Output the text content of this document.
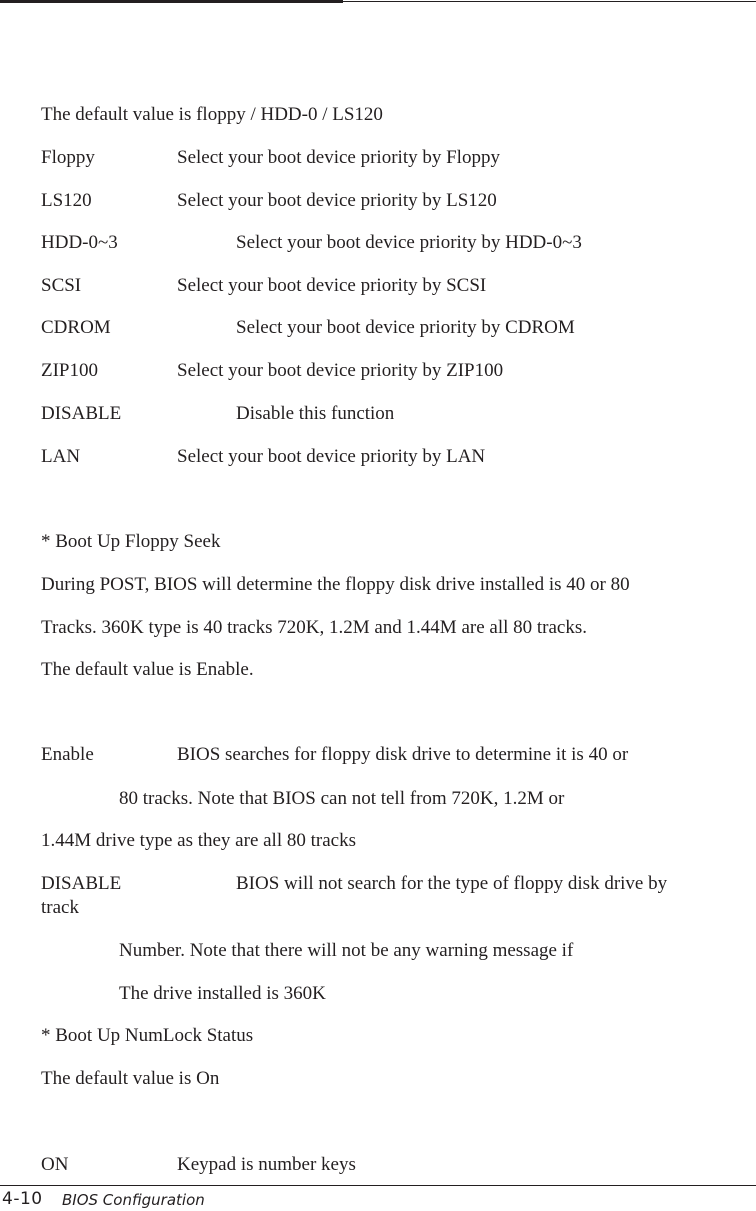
The default value is floppy / HDD-0 / LS120
Floppy	Select your boot device priority by Floppy
LS120	Select your boot device priority by LS120
HDD-0~3	Select your boot device priority by HDD-0~3
SCSI	Select your boot device priority by SCSI
CDROM	Select your boot device priority by CDROM
ZIP100	Select your boot device priority by ZIP100
DISABLE	Disable this function
LAN	Select your boot device priority by LAN
* Boot Up Floppy Seek
During POST, BIOS will determine the floppy disk drive installed is 40 or 80
Tracks. 360K type is 40 tracks 720K, 1.2M and 1.44M are all 80 tracks.
The default value is Enable.
Enable	BIOS searches for floppy disk drive to determine it is 40 or
80 tracks. Note that BIOS can not tell from 720K, 1.2M or
1.44M drive type as they are all 80 tracks
DISABLE	BIOS will not search for the type of floppy disk drive by
track
Number. Note that there will not be any warning message if
The drive installed is 360K
* Boot Up NumLock Status
The default value is On
ON	Keypad is number keys
4-10 BIOS Configuration
